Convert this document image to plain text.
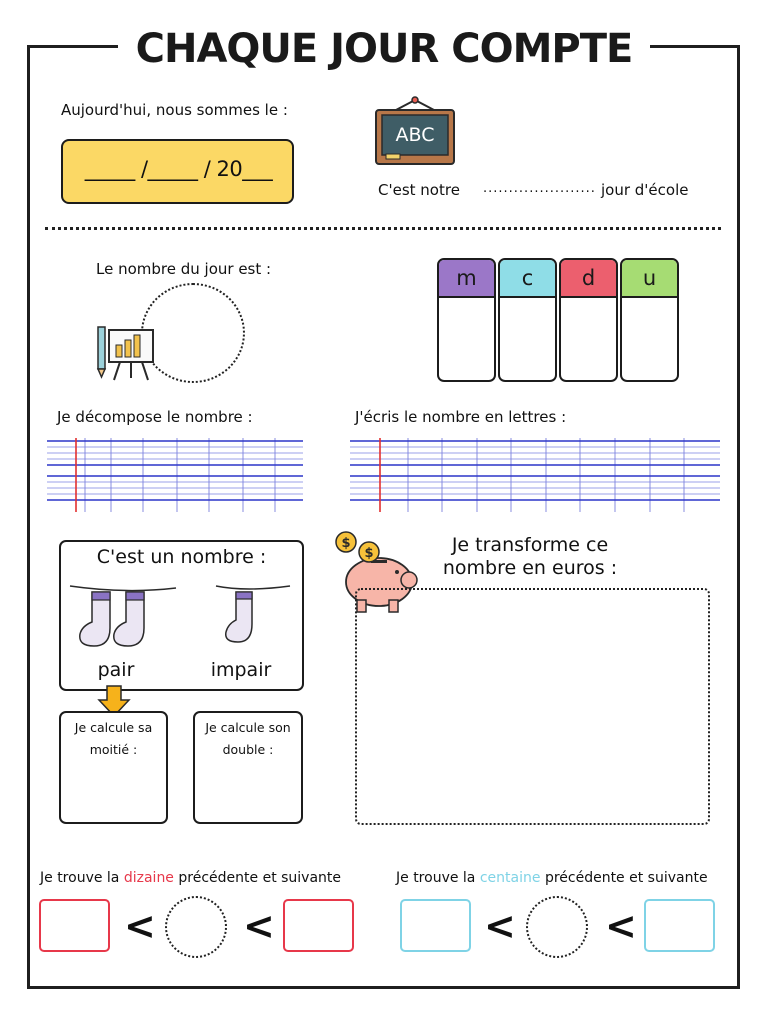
CHAQUE JOUR COMPTE
Aujourd'hui, nous sommes le :
_____ /_____ / 20___
ABC
C'est notre ...................... jour d'école
Le nombre du jour est :	m	c	d	u
Je décompose le nombre :	J'écris le nombre en lettres :
C'est un nombre :
pair	impair
Je calcule sa moitié :
Je calcule son double :
$
$	Je transforme ce
nombre en euros :
Je trouve la dizaine précédente et suivante
< <
Je trouve la centaine précédente et suivante
< <
